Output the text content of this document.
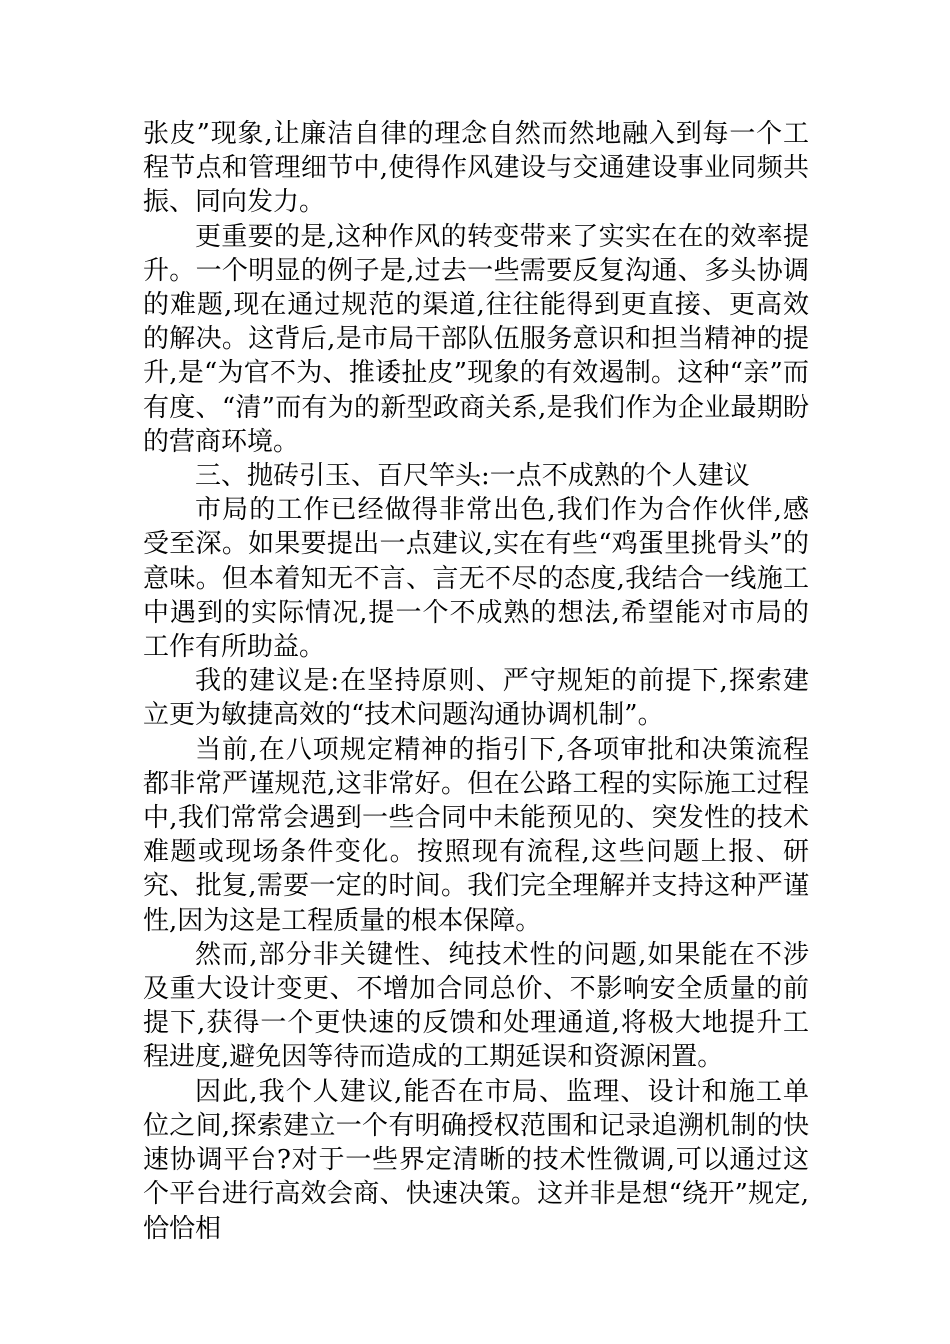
张皮”现象,让廉洁自律的理念自然而然地融入到每一个工程节点和管理细节中,使得作风建设与交通建设事业同频共振、同向发力。

更重要的是,这种作风的转变带来了实实在在的效率提升。一个明显的例子是,过去一些需要反复沟通、多头协调的难题,现在通过规范的渠道,往往能得到更直接、更高效的解决。这背后,是市局干部队伍服务意识和担当精神的提升,是“为官不为、推诿扯皮”现象的有效遏制。这种“亲”而有度、“清”而有为的新型政商关系,是我们作为企业最期盼的营商环境。

三、抛砖引玉、百尺竿头:一点不成熟的个人建议

市局的工作已经做得非常出色,我们作为合作伙伴,感受至深。如果要提出一点建议,实在有些“鸡蛋里挑骨头”的意味。但本着知无不言、言无不尽的态度,我结合一线施工中遇到的实际情况,提一个不成熟的想法,希望能对市局的工作有所助益。

我的建议是:在坚持原则、严守规矩的前提下,探索建立更为敏捷高效的“技术问题沟通协调机制”。

当前,在八项规定精神的指引下,各项审批和决策流程都非常严谨规范,这非常好。但在公路工程的实际施工过程中,我们常常会遇到一些合同中未能预见的、突发性的技术难题或现场条件变化。按照现有流程,这些问题上报、研究、批复,需要一定的时间。我们完全理解并支持这种严谨性,因为这是工程质量的根本保障。

然而,部分非关键性、纯技术性的问题,如果能在不涉及重大设计变更、不增加合同总价、不影响安全质量的前提下,获得一个更快速的反馈和处理通道,将极大地提升工程进度,避免因等待而造成的工期延误和资源闲置。

因此,我个人建议,能否在市局、监理、设计和施工单位之间,探索建立一个有明确授权范围和记录追溯机制的快速协调平台?对于一些界定清晰的技术性微调,可以通过这个平台进行高效会商、快速决策。这并非是想“绕开”规定,恰恰相
